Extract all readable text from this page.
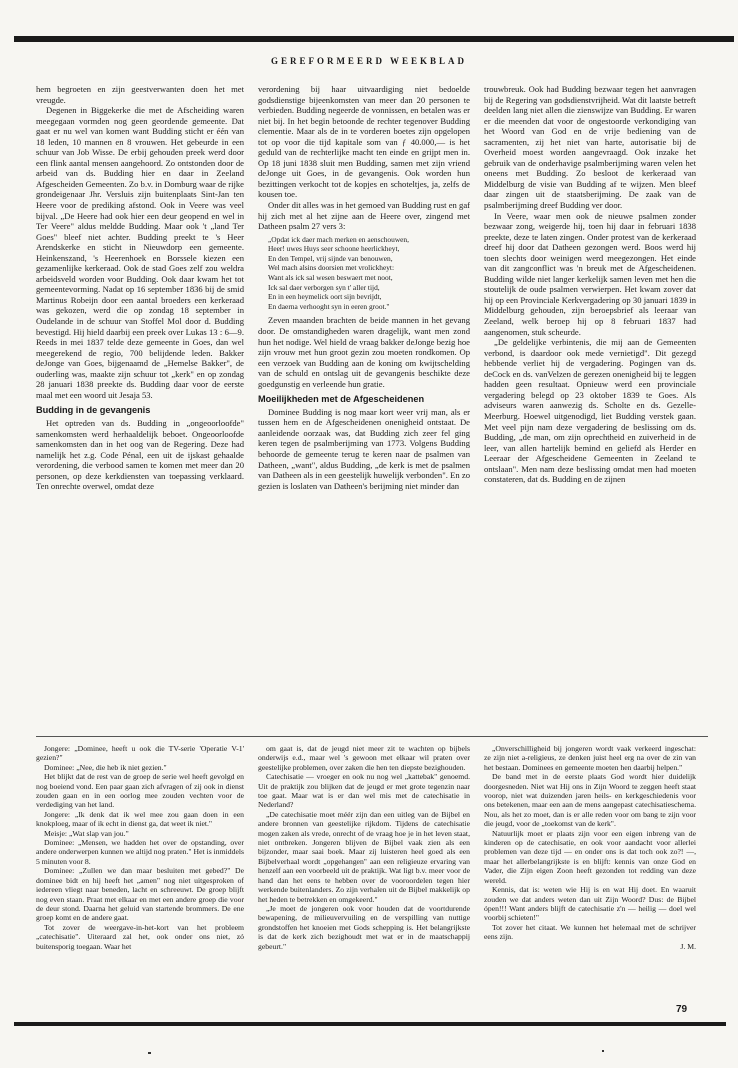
GEREFORMEERD WEEKBLAD

hem begroeten en zijn geestverwanten doen het met vreugde.

Degenen in Biggekerke die met de Afscheiding waren meegegaan vormden nog geen geordende gemeente. Dat gaat er nu wel van komen want Budding sticht er één van 18 leden, 10 mannen en 8 vrouwen. Het gebeurde in een schuur van Job Wisse. De erbij gehouden preek werd door een flink aantal mensen aangehoord. Zo ontstonden door de arbeid van ds. Budding hier en daar in Zeeland Afgescheiden Gemeenten. Zo b.v. in Domburg waar de rijke grondeigenaar Jhr. Versluis zijn buitenplaats Sint-Jan ten Heere voor de prediking afstond. Ook in Veere was veel bijval. „De Heere had ook hier een deur geopend en wel in Ter Veere" aldus meldde Budding. Maar ook 't „land Ter Goes" bleef niet achter. Budding preekt te 's Heer Arendskerke en sticht in Nieuwdorp een gemeente. Heinkenszand, 's Heerenhoek en Borssele kiezen een gezamenlijke kerkeraad. Ook de stad Goes zelf zou weldra arbeidsveld worden voor Budding. Ook daar kwam het tot gemeentevorming. Nadat op 16 september 1836 bij de smid Martinus Robeijn door een aantal broeders een kerkeraad was gekozen, werd die op zondag 18 september in Oudelande in de schuur van Stoffel Mol door d. Budding bevestigd. Hij hield daarbij een preek over Lukas 13 : 6—9. Reeds in mei 1837 telde deze gemeente in Goes, dan wel meegerekend de regio, 700 belijdende leden. Bakker deJonge van Goes, bijgenaamd de „Hemelse Bakker", de ouderling was, maakte zijn schuur tot „kerk" en op zondag 28 januari 1838 preekte ds. Budding daar voor de eerste maal met een woord uit Jesaja 53.

Budding in de gevangenis

Het optreden van ds. Budding in „ongeoorloofde" samenkomsten werd herhaaldelijk beboet. Ongeoorloofde samenkomsten dan in het oog van de Regering. Deze had namelijk het z.g. Code Pénal, een uit de ijskast gehaalde verordening, die verbood samen te komen met meer dan 20 personen, op deze kerkdiensten van toepassing verklaard. Ten onrechte overwel, omdat deze

verordening bij haar uitvaardiging niet bedoelde godsdienstige bijeenkomsten van meer dan 20 personen te verbieden. Budding negeerde de vonnissen, en betalen was er niet bij. In het begin betoonde de rechter tegenover Budding clementie. Maar als de in te vorderen boetes zijn opgelopen tot op voor die tijd kapitale som van ƒ 40.000,— is het geduld van de rechterlijke macht ten einde en grijpt men in. Op 18 juni 1838 sluit men Budding, samen met zijn vriend deJonge uit Goes, in de gevangenis. Ook worden hun bezittingen verkocht tot de kopjes en schoteltjes, ja, zelfs de kousen toe.

Onder dit alles was in het gemoed van Budding rust en gaf hij zich met al het zijne aan de Heere over, zingend met Datheen psalm 27 vers 3:

„Opdat ick daer mach merken en aenschouwen,
Heer! uwes Huys seer schoone heerlickheyt,
En den Tempel, vrij sijnde van benouwen,
Wel mach alsins doorsien met vrolickheyt:
Want als ick sal wesen beswaert met noot,
Ick sal daer verborgen syn t' aller tijd,
En in een heymelick oort sijn bevrijdt,
En daerna verhooght syn in eeren groot."

Zeven maanden brachten de beide mannen in het gevang door. De omstandigheden waren dragelijk, want men zond hun het nodige. Wel hield de vraag bakker deJonge bezig hoe zijn vrouw met hun groot gezin zou moeten rondkomen. Op een verzoek van Budding aan de koning om kwijtschelding van de schuld en ontslag uit de gevangenis beschikte deze goedgunstig en verleende hun gratie.

Moeilijkheden met de Afgescheidenen

Dominee Budding is nog maar kort weer vrij man, als er tussen hem en de Afgescheidenen onenigheid ontstaat. De aanleidende oorzaak was, dat Budding zich zeer fel ging keren tegen de psalmberijming van 1773. Volgens Budding behoorde de gemeente terug te keren naar de psalmen van Datheen, „want", aldus Budding, „de kerk is met de psalmen van Datheen als in een geestelijk huwelijk verbonden". En zo gezien is loslaten van Datheen's berijming niet minder dan

trouwbreuk. Ook had Budding bezwaar tegen het aanvragen bij de Regering van godsdienstvrijheid. Wat dit laatste betreft deelden lang niet allen die zienswijze van Budding. Er waren er die meenden dat voor de ongestoorde verkondiging van het Woord van God en de vrije bediening van de sacramenten, zij het niet van harte, autorisatie bij de Overheid moest worden aangevraagd. Ook inzake het gebruik van de onderhavige psalmberijming waren velen het oneens met Budding. Zo besloot de kerkeraad van Middelburg de visie van Budding af te wijzen. Men bleef daar zingen uit de staatsberijming. De zaak van de psalmberijming dreef Budding ver door.

In Veere, waar men ook de nieuwe psalmen zonder bezwaar zong, weigerde hij, toen hij daar in februari 1838 preekte, deze te laten zingen. Onder protest van de kerkeraad dreef hij door dat Datheen gezongen werd. Boos werd hij toen slechts door weinigen werd meegezongen. Het einde van dit zangconflict was 'n breuk met de Afgescheidenen. Budding wilde niet langer kerkelijk samen leven met hen die stoutelijk de oude psalmen verwierpen. Het kwam zover dat hij op een Provinciale Kerkvergadering op 30 januari 1839 in Middelburg gehouden, zijn beroepsbrief als leeraar van Zeeland, welk beroep hij op 8 februari 1837 had aangenomen, stuk scheurde.

„De geldelijke verbintenis, die mij aan de Gemeenten verbond, is daardoor ook mede vernietigd". Dit gezegd hebbende verliet hij de vergadering. Pogingen van ds. deCock en ds. vanVelzen de gerezen onenigheid bij te leggen hadden geen resultaat. Opnieuw werd een provinciale vergadering belegd op 23 oktober 1839 te Goes. Als adviseurs waren aanwezig ds. Scholte en ds. Gezelle-Meerburg. Hoewel uitgenodigd, liet Budding verstek gaan. Met veel pijn nam deze vergadering de beslissing om ds. Budding, „de man, om zijn oprechtheid en zuiverheid in de leer, van allen hartelijk bemind en geliefd als Herder en Leeraar der Afgescheidene Gemeenten in Zeeland te ontslaan". Men nam deze beslissing omdat men had moeten constateren, dat ds. Budding en de zijnen

Jongere: „Dominee, heeft u ook die TV-serie 'Operatie V-1' gezien?"

Dominee: „Nee, die heb ik niet gezien."

Het blijkt dat de rest van de groep de serie wel heeft gevolgd en nog boeiend vond. Een paar gaan zich afvragen of zij ook in dienst zouden gaan en in een oorlog mee zouden vechten voor de verdediging van het land.

Jongere: „Ik denk dat ik wel mee zou gaan doen in een knokploeg, maar of ik echt in dienst ga, dat weet ik niet."

Meisje: „Wat slap van jou."

Dominee: „Mensen, we hadden het over de opstanding, over andere onderwerpen kunnen we altijd nog praten." Het is inmiddels 5 minuten voor 8.

Dominee: „Zullen we dan maar besluiten met gebed?" De dominee bidt en hij heeft het „amen" nog niet uitgesproken of iedereen vliegt naar beneden, lacht en schreeuwt. De groep blijft nog even staan. Praat met elkaar en met een andere groep die voor de deur stond. Daarna het geluid van startende brommers. De ene groep komt en de andere gaat.

Tot zover de weergave-in-het-kort van het probleem „catechisatie". Uiteraard zal het, ook onder ons niet, zó buitensporig toegaan. Waar het

om gaat is, dat de jeugd niet meer zit te wachten op bijbels onderwijs e.d., maar wel 's gewoon met elkaar wil praten over geestelijke problemen, over zaken die hen ten diepste bezighouden.

Catechisatie — vroeger en ook nu nog wel „kattebak" genoemd. Uit de praktijk zou blijken dat de jeugd er met grote tegenzin naar toe gaat. Maar wat is er dan wel mis met de catechisatie in Nederland?

„De catechisatie moet méér zijn dan een uitleg van de Bijbel en andere bronnen van geestelijke rijkdom. Tijdens de catechisatie mogen zaken als vrede, onrecht of de vraag hoe je in het leven staat, niet ontbreken. Jongeren blijven de Bijbel vaak zien als een bijzonder, maar saai boek. Maar zij luisteren heel goed als een Bijbelverhaal wordt „opgehangen" aan een religieuze ervaring van henzelf aan een voorbeeld uit de praktijk. Wat ligt b.v. meer voor de hand dan het eens te hebben over de vooroordelen tegen hier werkende buitenlanders. Zo zijn verhalen uit de Bijbel makkelijk op het heden te betrekken en omgekeerd."

„Je moet de jongeren ook voor houden dat de voortdurende bewapening, de milieuvervuiling en de verspilling van nuttige grondstoffen het knoeien met Gods schepping is. Het belangrijkste is dat de kerk zich bezighoudt met wat er in de maatschappij gebeurt."

„Onverschilligheid bij jongeren wordt vaak verkeerd ingeschat: ze zijn niet a-religieus, ze denken juist heel erg na over de zin van het bestaan. Dominees en gemeente moeten hen daarbij helpen."

De band met in de eerste plaats God wordt hier duidelijk doorgesneden. Niet wat Hij ons in Zijn Woord te zeggen heeft staat voorop, niet wat duizenden jaren heils- en kerkgeschiedenis voor ons betekenen, maar een aan de mens aangepast catechisatieschema. Nou, als het zo moet, dan is er alle reden voor om bang te zijn voor die jeugd, voor de „toekomst van de kerk".

Natuurlijk moet er plaats zijn voor een eigen inbreng van de kinderen op de catechisatie, en ook voor aandacht voor allerlei problemen van deze tijd — en onder ons is dat toch ook zo?! —, maar het allerbelangrijkste is en blijft: kennis van onze God en Vader, die Zijn eigen Zoon heeft gezonden tot redding van deze wereld.

Kennis, dat is: weten wie Hij is en wat Hij doet. En waaruit zouden we dat anders weten dan uit Zijn Woord? Dus: de Bijbel ópen!!! Want anders blijft de catechisatie z'n — heilig — doel wel voorbij schieten!"

Tot zover het citaat. We kunnen het helemaal met de schrijver eens zijn.

J. M.

79
